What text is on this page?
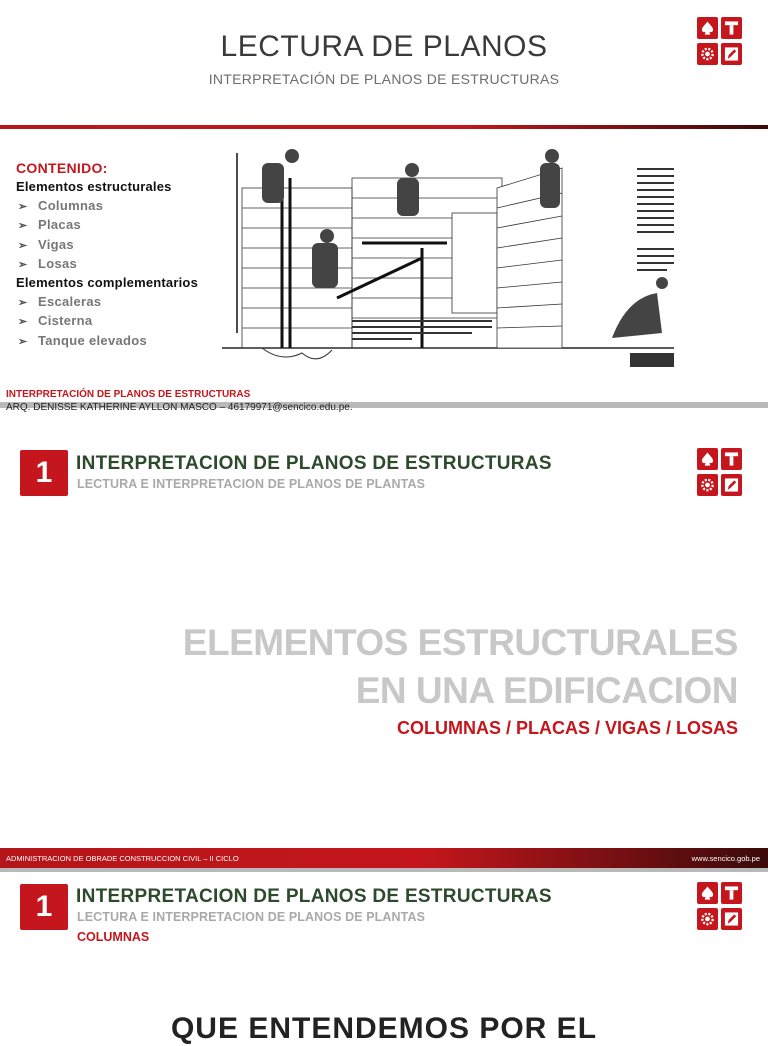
LECTURA DE PLANOS
INTERPRETACIÓN DE PLANOS DE ESTRUCTURAS
CONTENIDO:
Elementos estructurales
➢ Columnas
➢ Placas
➢ Vigas
➢ Losas
Elementos complementarios
➢ Escaleras
➢ Cisterna
➢ Tanque elevados
INTERPRETACIÓN DE PLANOS DE ESTRUCTURAS
ARQ. DENISSE KATHERINE AYLLON MASCO – 46179971@sencico.edu.pe.
1	INTERPRETACION DE PLANOS DE ESTRUCTURAS
LECTURA E INTERPRETACION DE PLANOS DE PLANTAS
ELEMENTOS ESTRUCTURALES
EN UNA EDIFICACION
COLUMNAS / PLACAS / VIGAS / LOSAS
ADMINISTRACION DE OBRADE CONSTRUCCION CIVIL – II CICLO	www.sencico.gob.pe
1	INTERPRETACION DE PLANOS DE ESTRUCTURAS
LECTURA E INTERPRETACION DE PLANOS DE PLANTAS
COLUMNAS
QUE ENTENDEMOS POR EL
